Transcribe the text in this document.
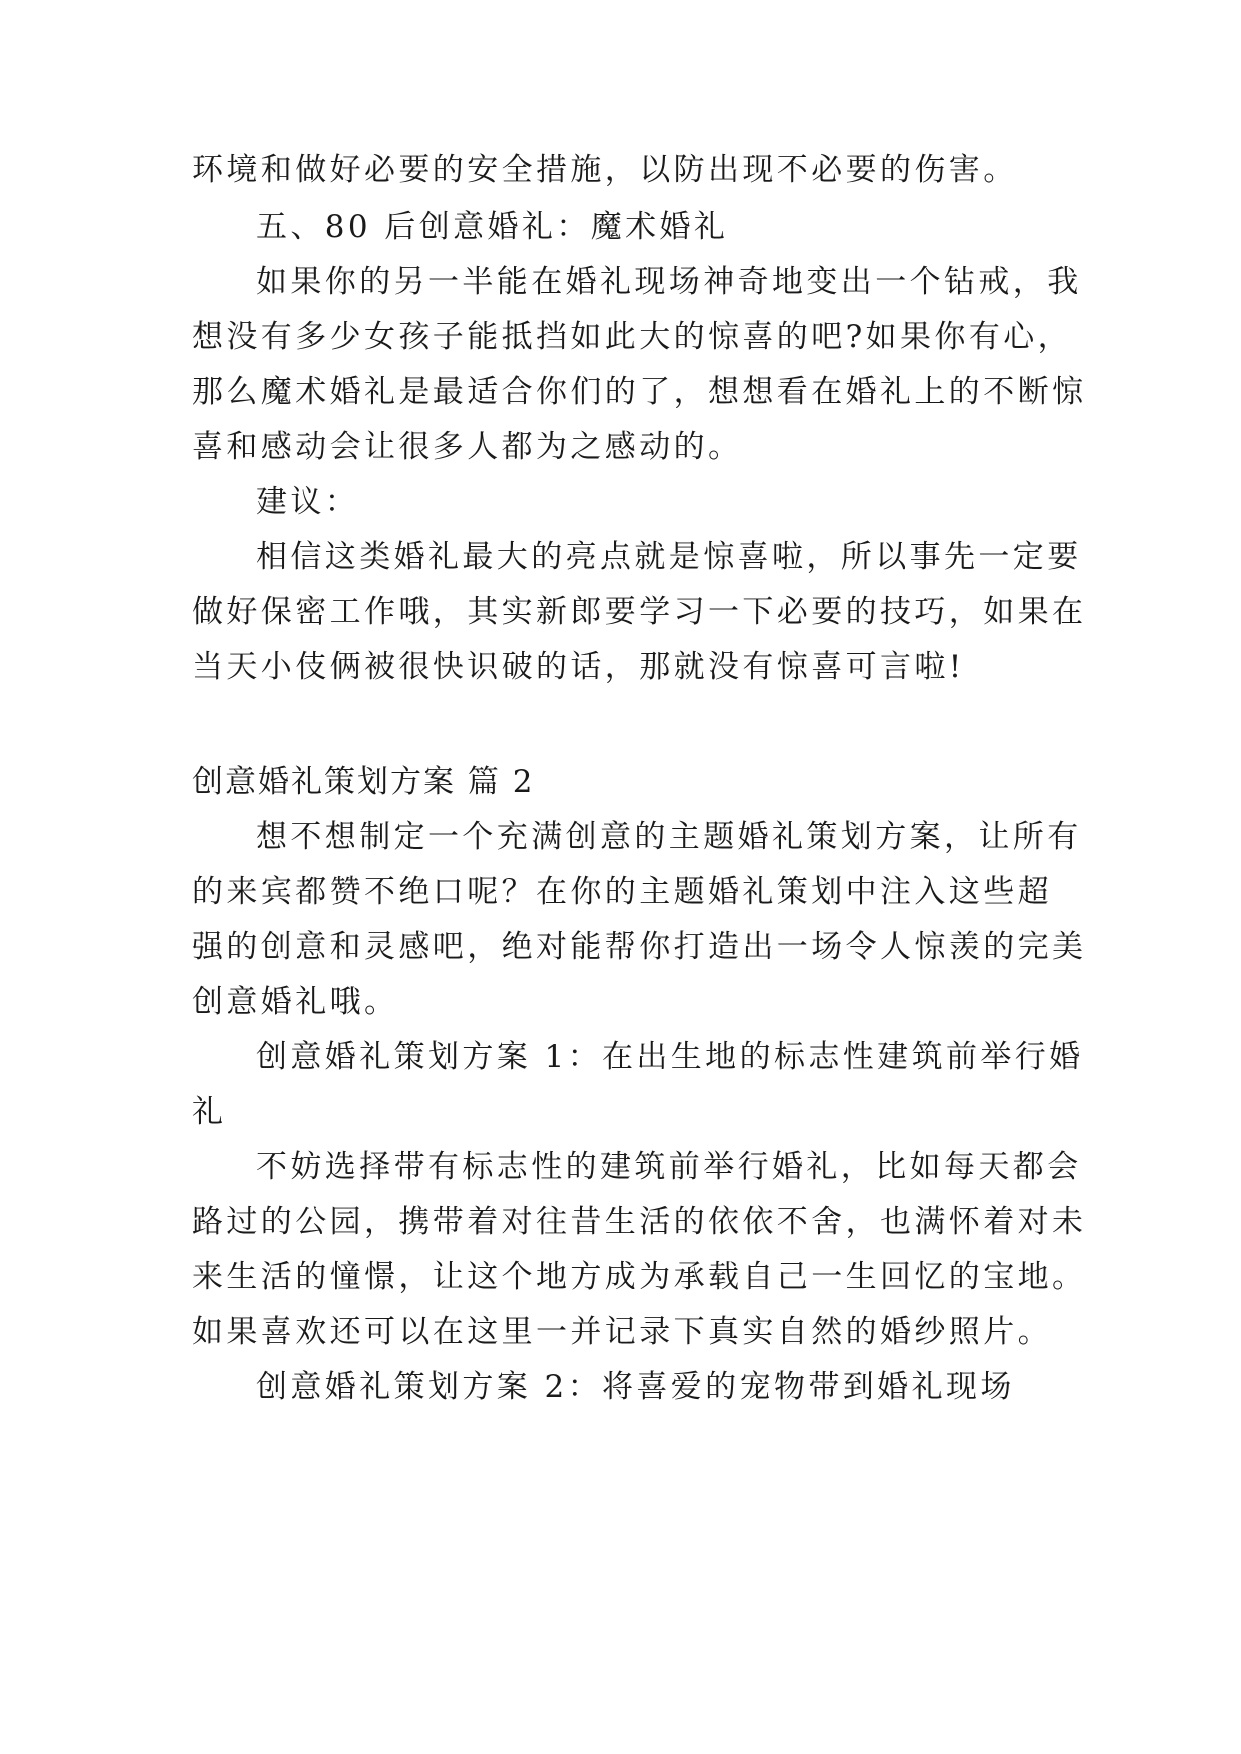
环境和做好必要的安全措施，以防出现不必要的伤害。
五、80 后创意婚礼：魔术婚礼
如果你的另一半能在婚礼现场神奇地变出一个钻戒，我
想没有多少女孩子能抵挡如此大的惊喜的吧?如果你有心，
那么魔术婚礼是最适合你们的了，想想看在婚礼上的不断惊
喜和感动会让很多人都为之感动的。
建议：
相信这类婚礼最大的亮点就是惊喜啦，所以事先一定要
做好保密工作哦，其实新郎要学习一下必要的技巧，如果在
当天小伎俩被很快识破的话，那就没有惊喜可言啦!
创意婚礼策划方案 篇 2
想不想制定一个充满创意的主题婚礼策划方案，让所有
的来宾都赞不绝口呢？在你的主题婚礼策划中注入这些超
强的创意和灵感吧，绝对能帮你打造出一场令人惊羡的完美
创意婚礼哦。
创意婚礼策划方案 1：在出生地的标志性建筑前举行婚
礼
不妨选择带有标志性的建筑前举行婚礼，比如每天都会
路过的公园，携带着对往昔生活的依依不舍，也满怀着对未
来生活的憧憬，让这个地方成为承载自己一生回忆的宝地。
如果喜欢还可以在这里一并记录下真实自然的婚纱照片。
创意婚礼策划方案 2：将喜爱的宠物带到婚礼现场
